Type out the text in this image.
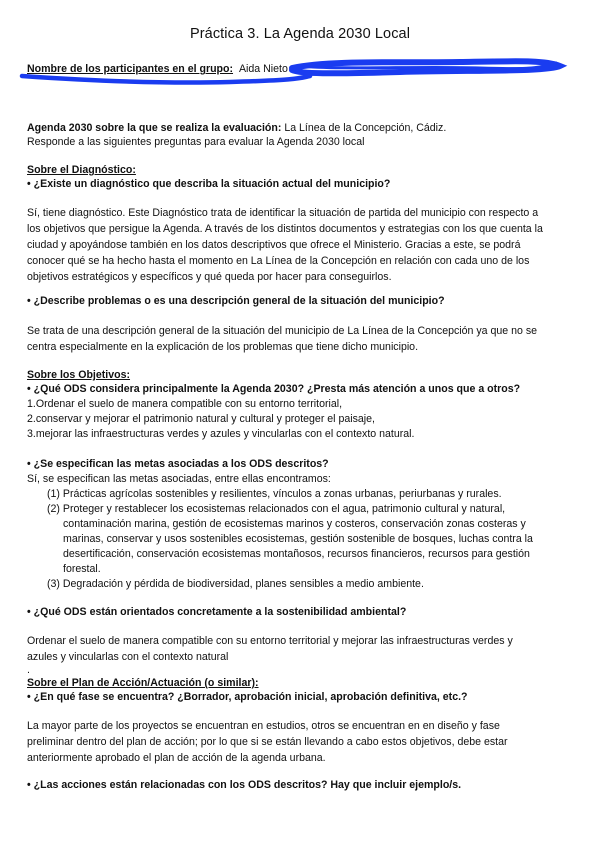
Práctica 3. La Agenda 2030 Local
Nombre de los participantes en el grupo: Aida Nieto
Agenda 2030 sobre la que se realiza la evaluación: La Línea de la Concepción, Cádiz.
Responde a las siguientes preguntas para evaluar la Agenda 2030 local
Sobre el Diagnóstico:
• ¿Existe un diagnóstico que describa la situación actual del municipio?

Sí, tiene diagnóstico. Este Diagnóstico trata de identificar la situación de partida del municipio con respecto a

los objetivos que persigue la Agenda. A través de los distintos documentos y estrategias con los que cuenta la

ciudad y apoyándose también en los datos descriptivos que ofrece el Ministerio. Gracias a este, se podrá

conocer qué se ha hecho hasta el momento en La Línea de la Concepción en relación con cada uno de los

objetivos estratégicos y específicos y qué queda por hacer para conseguirlos.

• ¿Describe problemas o es una descripción general de la situación del municipio?

Se trata de una descripción general de la situación del municipio de La Línea de la Concepción ya que no se

centra especialmente en la explicación de los problemas que tiene dicho municipio.

Sobre los Objetivos:
• ¿Qué ODS considera principalmente la Agenda 2030? ¿Presta más atención a unos que a otros?

1.Ordenar el suelo de manera compatible con su entorno territorial,

2.conservar y mejorar el patrimonio natural y cultural y proteger el paisaje,

3.mejorar las infraestructuras verdes y azules y vincularlas con el contexto natural.

• ¿Se especifican las metas asociadas a los ODS descritos?
Sí, se especifican las metas asociadas, entre ellas encontramos:
(1) Prácticas agrícolas sostenibles y resilientes, vínculos a zonas urbanas, periurbanas y rurales.
(2) Proteger y restablecer los ecosistemas relacionados con el agua, patrimonio cultural y natural,
contaminación marina, gestión de ecosistemas marinos y costeros, conservación zonas costeras y
marinas, conservar y usos sostenibles ecosistemas, gestión sostenible de bosques, luchas contra la
desertificación, conservación ecosistemas montañosos, recursos financieros, recursos para gestión
forestal.
(3) Degradación y pérdida de biodiversidad, planes sensibles a medio ambiente.
• ¿Qué ODS están orientados concretamente a la sostenibilidad ambiental?

Ordenar el suelo de manera compatible con su entorno territorial y mejorar las infraestructuras verdes y

azules y vincularlas con el contexto natural

.

Sobre el Plan de Acción/Actuación (o similar):
• ¿En qué fase se encuentra? ¿Borrador, aprobación inicial, aprobación definitiva, etc.?

La mayor parte de los proyectos se encuentran en estudios, otros se encuentran en en diseño y fase

preliminar dentro del plan de acción; por lo que si se están llevando a cabo estos objetivos, debe estar

anteriormente aprobado el plan de acción de la agenda urbana.

• ¿Las acciones están relacionadas con los ODS descritos? Hay que incluir ejemplo/s.
